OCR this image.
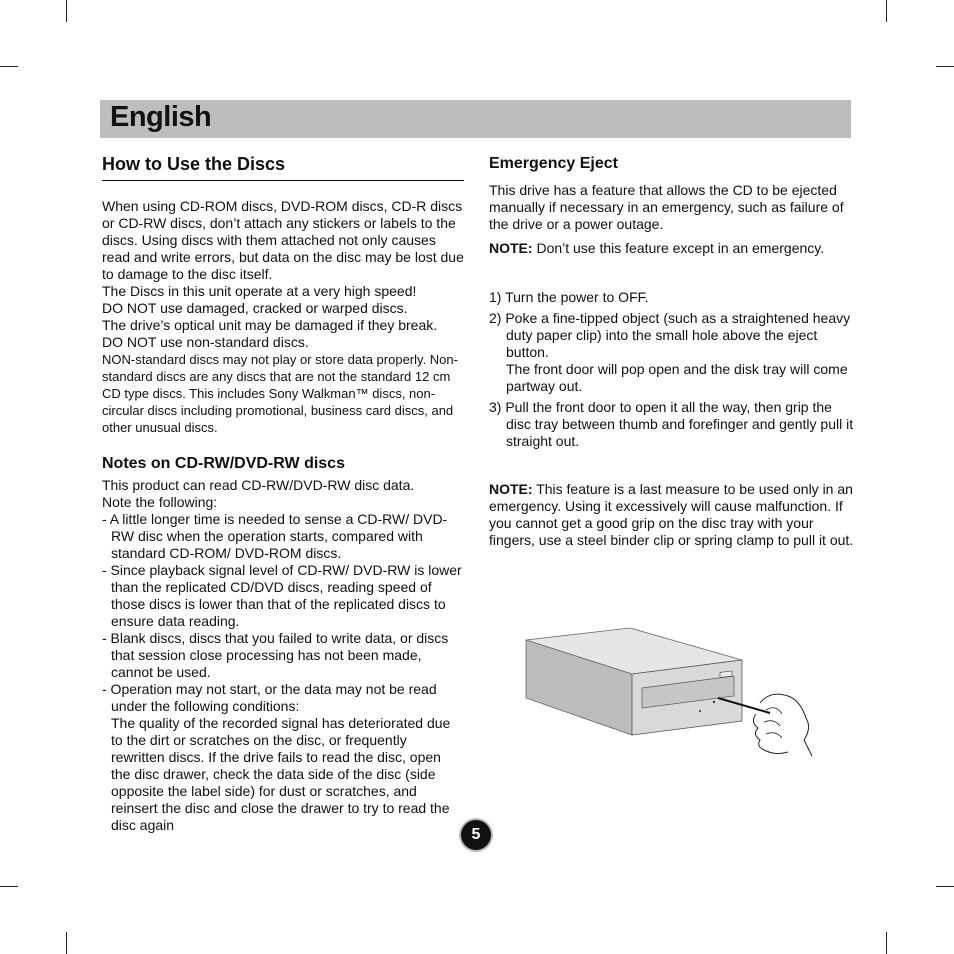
English
How to Use the Discs

When using CD-ROM discs, DVD-ROM discs, CD-R discs or CD-RW discs, don’t attach any stickers or labels to the discs. Using discs with them attached not only causes read and write errors, but data on the disc may be lost due to damage to the disc itself.

The Discs in this unit operate at a very high speed!

DO NOT use damaged, cracked or warped discs.

The drive’s optical unit may be damaged if they break.

DO NOT use non-standard discs.

NON-standard discs may not play or store data properly. Non-standard discs are any discs that are not the standard 12 cm CD type discs. This includes Sony Walkman™ discs, non-circular discs including promotional, business card discs, and other unusual discs.

Notes on CD-RW/DVD-RW discs

This product can read CD-RW/DVD-RW disc data.

Note the following:

- A little longer time is needed to sense a CD-RW/ DVD-RW disc when the operation starts, compared with standard CD-ROM/ DVD-ROM discs.

- Since playback signal level of CD-RW/ DVD-RW is lower than the replicated CD/DVD discs, reading speed of those discs is lower than that of the replicated discs to ensure data reading.

- Blank discs, discs that you failed to write data, or discs that session close processing has not been made, cannot be used.

- Operation may not start, or the data may not be read under the following conditions:

The quality of the recorded signal has deteriorated due to the dirt or scratches on the disc, or frequently rewritten discs. If the drive fails to read the disc, open the disc drawer, check the data side of the disc (side opposite the label side) for dust or scratches, and reinsert the disc and close the drawer to try to read the disc again

Emergency Eject

This drive has a feature that allows the CD to be ejected manually if necessary in an emergency, such as failure of the drive or a power outage.

NOTE: Don’t use this feature except in an emergency.

1) Turn the power to OFF.

2) Poke a fine-tipped object (such as a straightened heavy duty paper clip) into the small hole above the eject button.

The front door will pop open and the disk tray will come partway out.

3) Pull the front door to open it all the way, then grip the disc tray between thumb and forefinger and gently pull it straight out.

NOTE: This feature is a last measure to be used only in an emergency. Using it excessively will cause malfunction. If you cannot get a good grip on the disc tray with your fingers, use a steel binder clip or spring clamp to pull it out.

5
